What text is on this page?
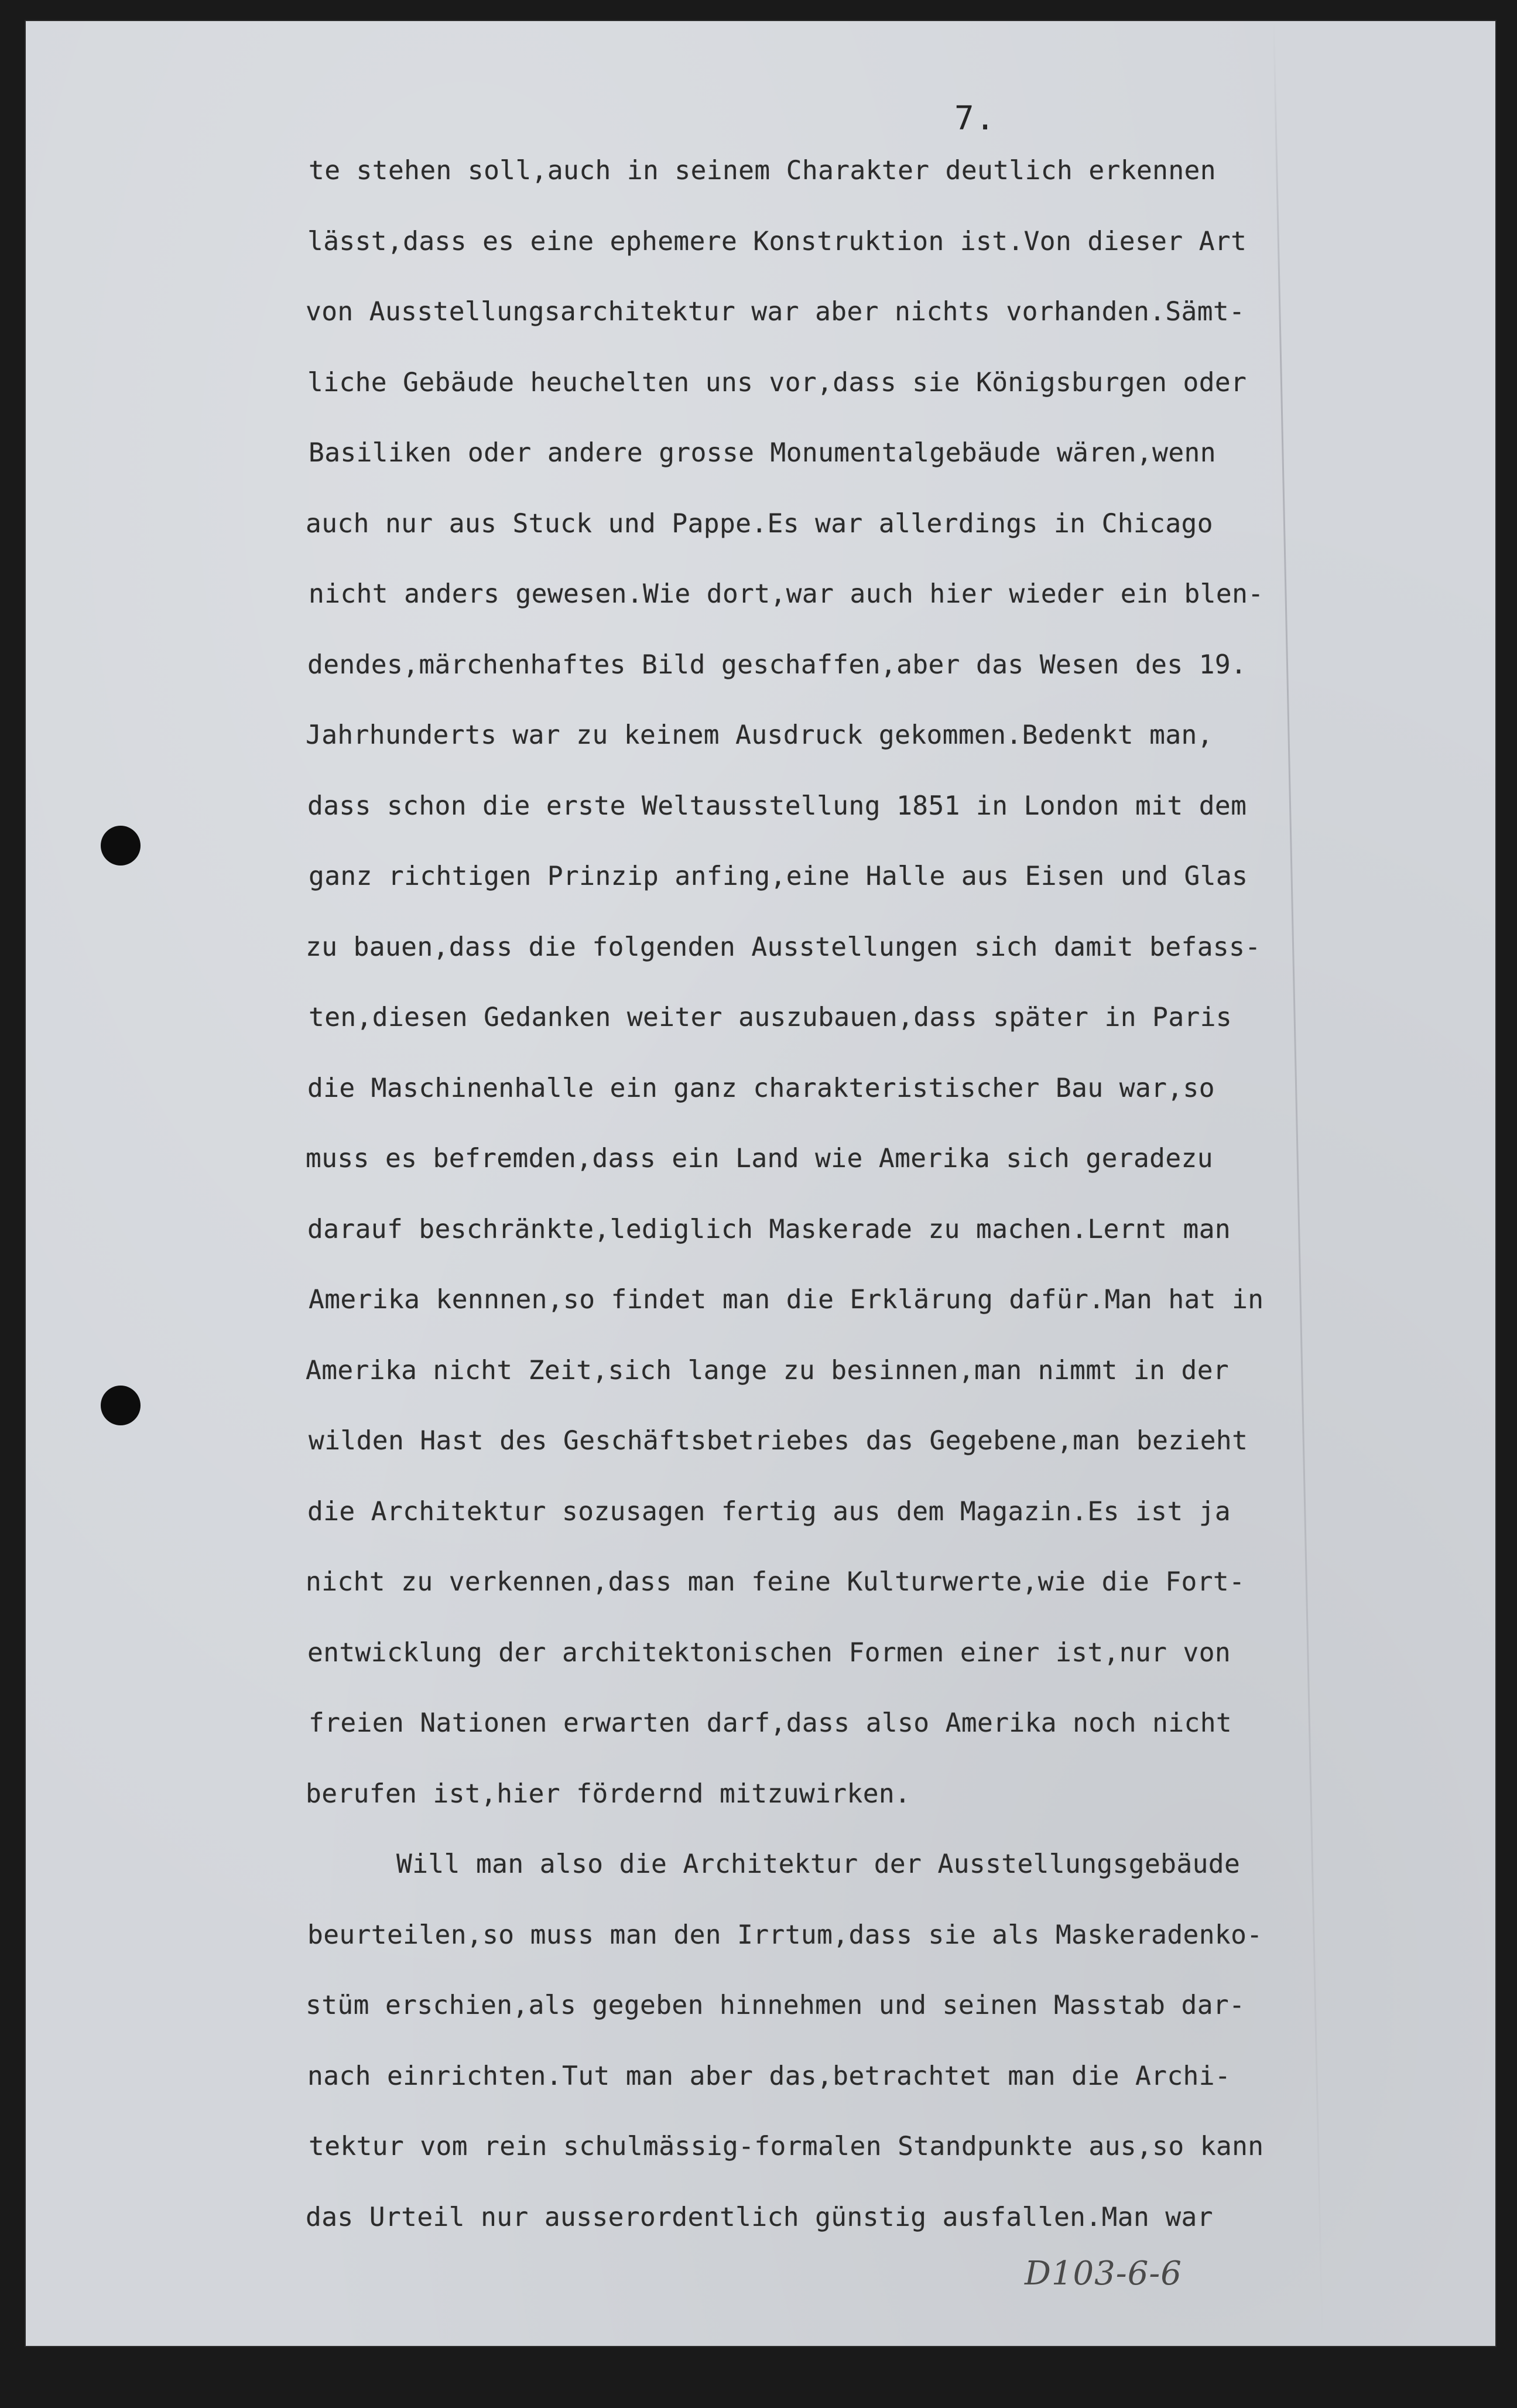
7.
te stehen soll,auch in seinem Charakter deutlich erkennen
lässt,dass es eine ephemere Konstruktion ist.Von dieser Art
von Ausstellungsarchitektur war aber nichts vorhanden.Sämt-
liche Gebäude heuchelten uns vor,dass sie Königsburgen oder
Basiliken oder andere grosse Monumentalgebäude wären,wenn
auch nur aus Stuck und Pappe.Es war allerdings in Chicago
nicht anders gewesen.Wie dort,war auch hier wieder ein blen-
dendes,märchenhaftes Bild geschaffen,aber das Wesen des 19.
Jahrhunderts war zu keinem Ausdruck gekommen.Bedenkt man,
dass schon die erste Weltausstellung 1851 in London mit dem
ganz richtigen Prinzip anfing,eine Halle aus Eisen und Glas
zu bauen,dass die folgenden Ausstellungen sich damit befass-
ten,diesen Gedanken weiter auszubauen,dass später in Paris
die Maschinenhalle ein ganz charakteristischer Bau war,so
muss es befremden,dass ein Land wie Amerika sich geradezu
darauf beschränkte,lediglich Maskerade zu machen.Lernt man
Amerika kennnen,so findet man die Erklärung dafür.Man hat in
Amerika nicht Zeit,sich lange zu besinnen,man nimmt in der
wilden Hast des Geschäftsbetriebes das Gegebene,man bezieht
die Architektur sozusagen fertig aus dem Magazin.Es ist ja
nicht zu verkennen,dass man feine Kulturwerte,wie die Fort-
entwicklung der architektonischen Formen einer ist,nur von
freien Nationen erwarten darf,dass also Amerika noch nicht
berufen ist,hier fördernd mitzuwirken.
Will man also die Architektur der Ausstellungsgebäude
beurteilen,so muss man den Irrtum,dass sie als Maskeradenko-
stüm erschien,als gegeben hinnehmen und seinen Masstab dar-
nach einrichten.Tut man aber das,betrachtet man die Archi-
tektur vom rein schulmässig-formalen Standpunkte aus,so kann
das Urteil nur ausserordentlich günstig ausfallen.Man war
D103-6-6
